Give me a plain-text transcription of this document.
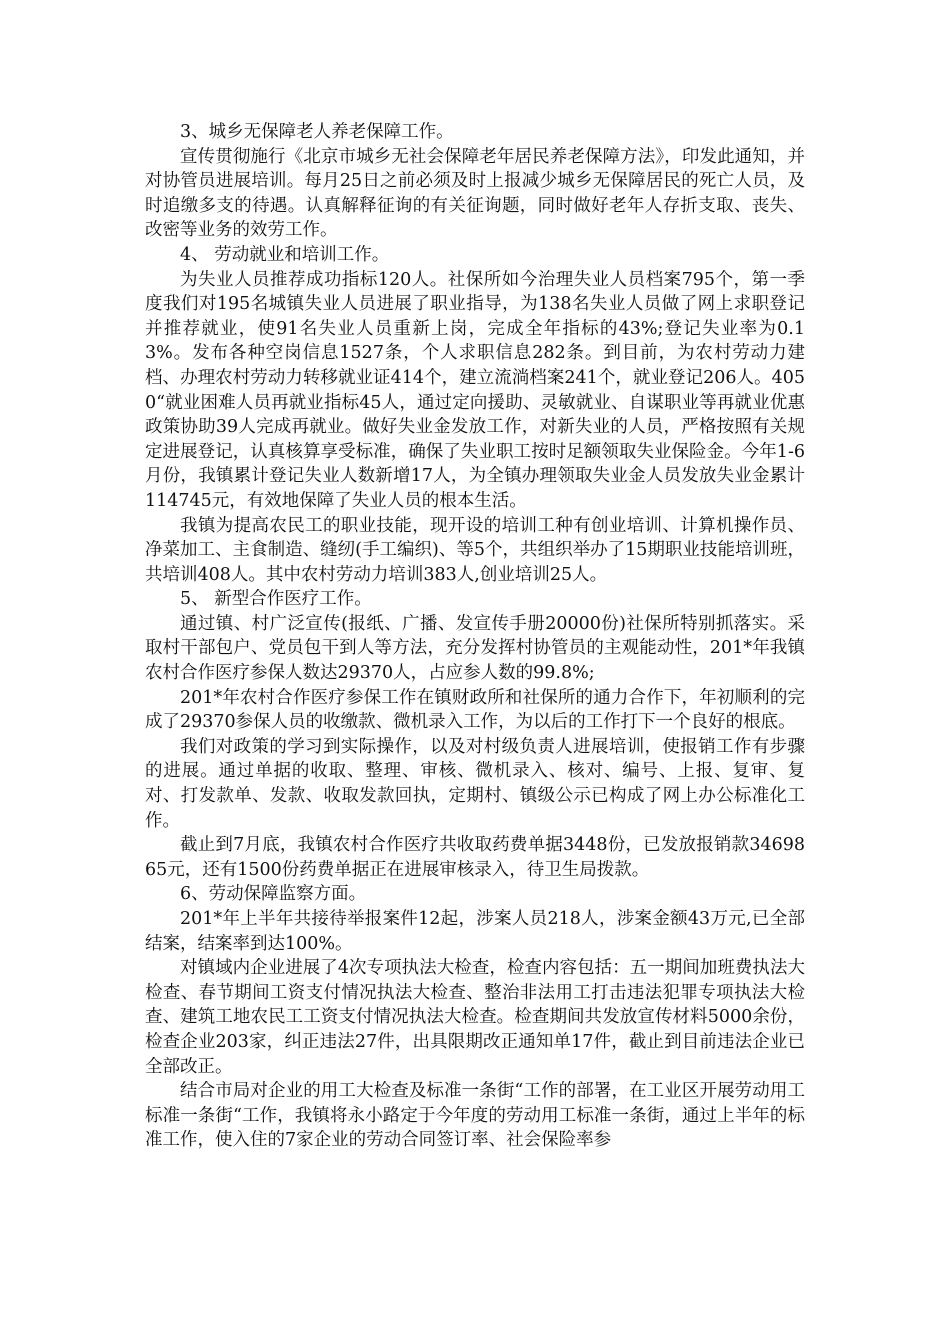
3、城乡无保障老人养老保障工作。

宣传贯彻施行《北京市城乡无社会保障老年居民养老保障方法》，印发此通知，并对协管员进展培训。每月25日之前必须及时上报减少城乡无保障居民的死亡人员，及时追缴多支的待遇。认真解释征询的有关征询题，同时做好老年人存折支取、丧失、改密等业务的效劳工作。

4、 劳动就业和培训工作。

为失业人员推荐成功指标120人。社保所如今治理失业人员档案795个，第一季度我们对195名城镇失业人员进展了职业指导，为138名失业人员做了网上求职登记并推荐就业，使91名失业人员重新上岗，完成全年指标的43%;登记失业率为0.13%。发布各种空岗信息1527条，个人求职信息282条。到目前，为农村劳动力建档、办理农村劳动力转移就业证414个，建立流淌档案241个，就业登记206人。4050“就业困难人员再就业指标45人，通过定向援助、灵敏就业、自谋职业等再就业优惠政策协助39人完成再就业。做好失业金发放工作，对新失业的人员，严格按照有关规定进展登记，认真核算享受标准，确保了失业职工按时足额领取失业保险金。今年1-6月份，我镇累计登记失业人数新增17人，为全镇办理领取失业金人员发放失业金累计114745元，有效地保障了失业人员的根本生活。

我镇为提高农民工的职业技能，现开设的培训工种有创业培训、计算机操作员、净菜加工、主食制造、缝纫(手工编织)、等5个，共组织举办了15期职业技能培训班，共培训408人。其中农村劳动力培训383人,创业培训25人。

5、 新型合作医疗工作。

通过镇、村广泛宣传(报纸、广播、发宣传手册20000份)社保所特别抓落实。采取村干部包户、党员包干到人等方法，充分发挥村协管员的主观能动性，201*年我镇农村合作医疗参保人数达29370人，占应参人数的99.8%;

201*年农村合作医疗参保工作在镇财政所和社保所的通力合作下，年初顺利的完成了29370参保人员的收缴款、微机录入工作，为以后的工作打下一个良好的根底。

我们对政策的学习到实际操作，以及对村级负责人进展培训，使报销工作有步骤的进展。通过单据的收取、整理、审核、微机录入、核对、编号、上报、复审、复对、打发款单、发款、收取发款回执，定期村、镇级公示已构成了网上办公标准化工作。

截止到7月底，我镇农村合作医疗共收取药费单据3448份，已发放报销款3469865元，还有1500份药费单据正在进展审核录入，待卫生局拨款。

6、劳动保障监察方面。

201*年上半年共接待举报案件12起，涉案人员218人，涉案金额43万元,已全部结案，结案率到达100%。

对镇域内企业进展了4次专项执法大检查，检查内容包括：五一期间加班费执法大检查、春节期间工资支付情况执法大检查、整治非法用工打击违法犯罪专项执法大检查、建筑工地农民工工资支付情况执法大检查。检查期间共发放宣传材料5000余份，检查企业203家，纠正违法27件，出具限期改正通知单17件，截止到目前违法企业已全部改正。

结合市局对企业的用工大检查及标准一条街“工作的部署，在工业区开展劳动用工标准一条街“工作，我镇将永小路定于今年度的劳动用工标准一条街，通过上半年的标准工作，使入住的7家企业的劳动合同签订率、社会保险率参
